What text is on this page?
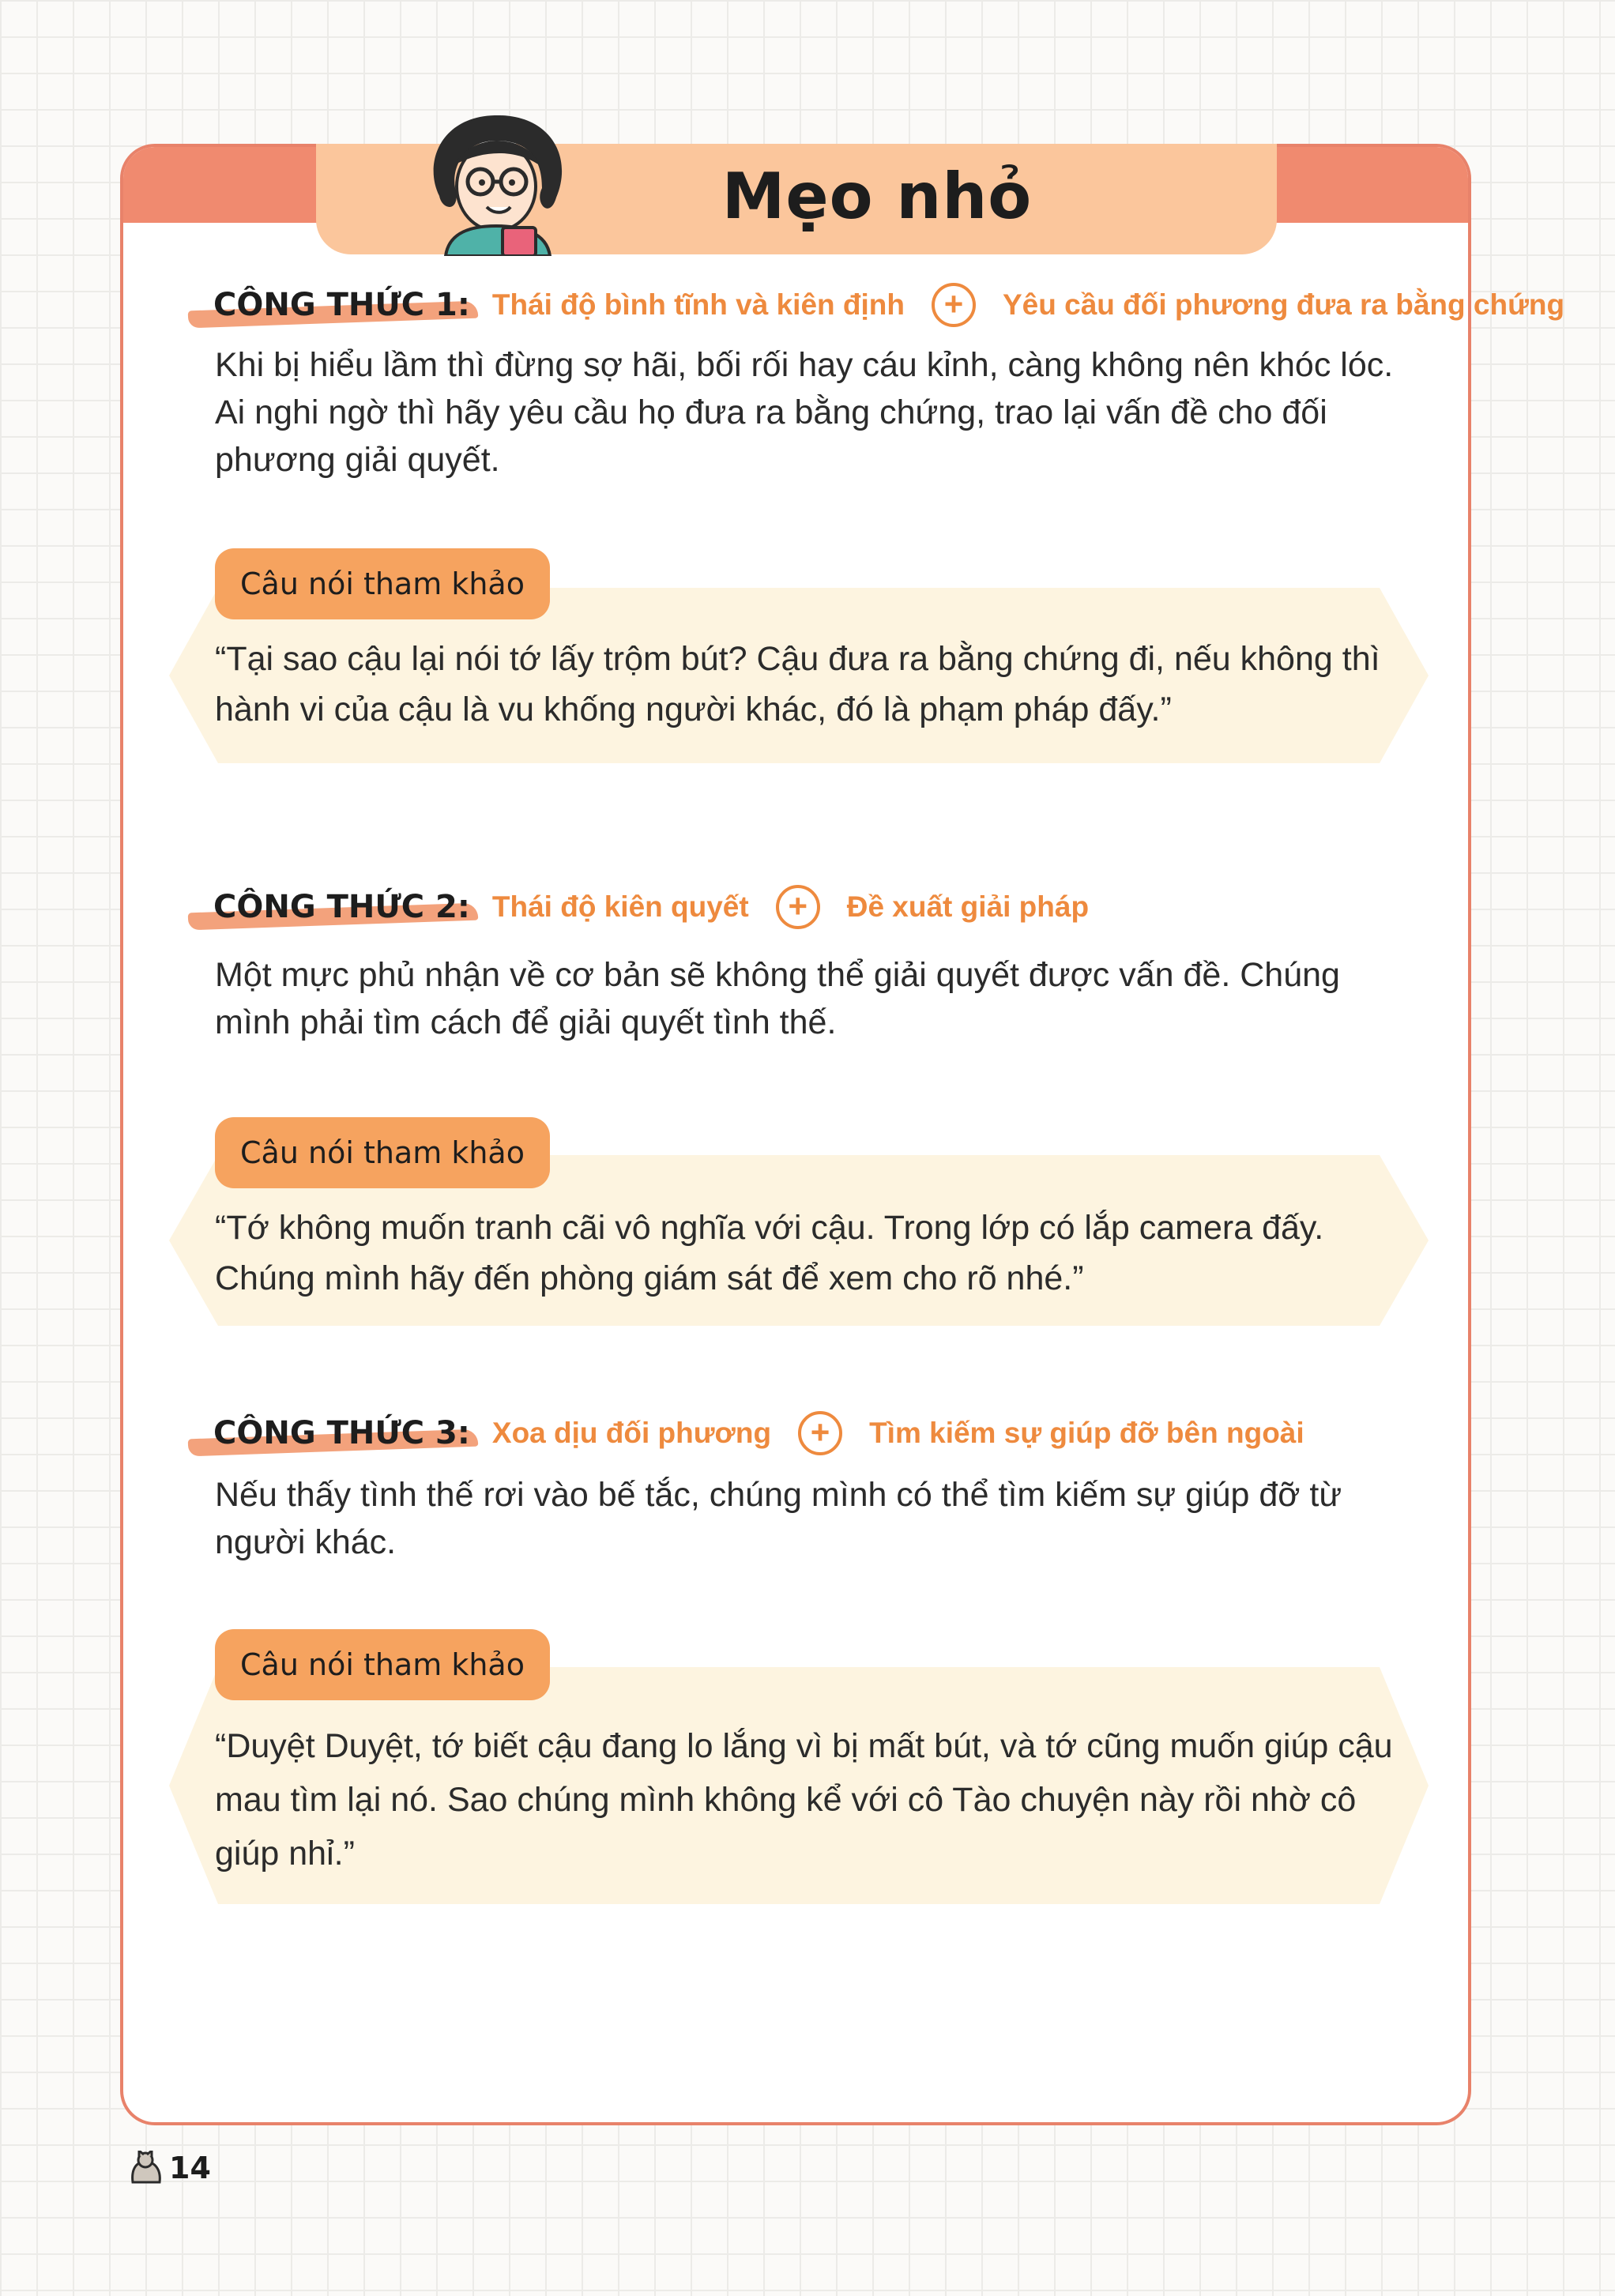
Mẹo nhỏ
CÔNG THỨC 1: Thái độ bình tĩnh và kiên định	+	Yêu cầu đối phương đưa ra bằng chứng

Khi bị hiểu lầm thì đừng sợ hãi, bối rối hay cáu kỉnh, càng không nên khóc lóc. Ai nghi ngờ thì hãy yêu cầu họ đưa ra bằng chứng, trao lại vấn đề cho đối phương giải quyết.

Câu nói tham khảo

“Tại sao cậu lại nói tớ lấy trộm bút? Cậu đưa ra bằng chứng đi, nếu không thì hành vi của cậu là vu khống người khác, đó là phạm pháp đấy.”

CÔNG THỨC 2: Thái độ kiên quyết	+	Đề xuất giải pháp

Một mực phủ nhận về cơ bản sẽ không thể giải quyết được vấn đề. Chúng mình phải tìm cách để giải quyết tình thế.

Câu nói tham khảo

“Tớ không muốn tranh cãi vô nghĩa với cậu. Trong lớp có lắp camera đấy. Chúng mình hãy đến phòng giám sát để xem cho rõ nhé.”

CÔNG THỨC 3: Xoa dịu đối phương	+	Tìm kiếm sự giúp đỡ bên ngoài

Nếu thấy tình thế rơi vào bế tắc, chúng mình có thể tìm kiếm sự giúp đỡ từ người khác.

Câu nói tham khảo

“Duyệt Duyệt, tớ biết cậu đang lo lắng vì bị mất bút, và tớ cũng muốn giúp cậu mau tìm lại nó. Sao chúng mình không kể với cô Tào chuyện này rồi nhờ cô giúp nhỉ.”

14
